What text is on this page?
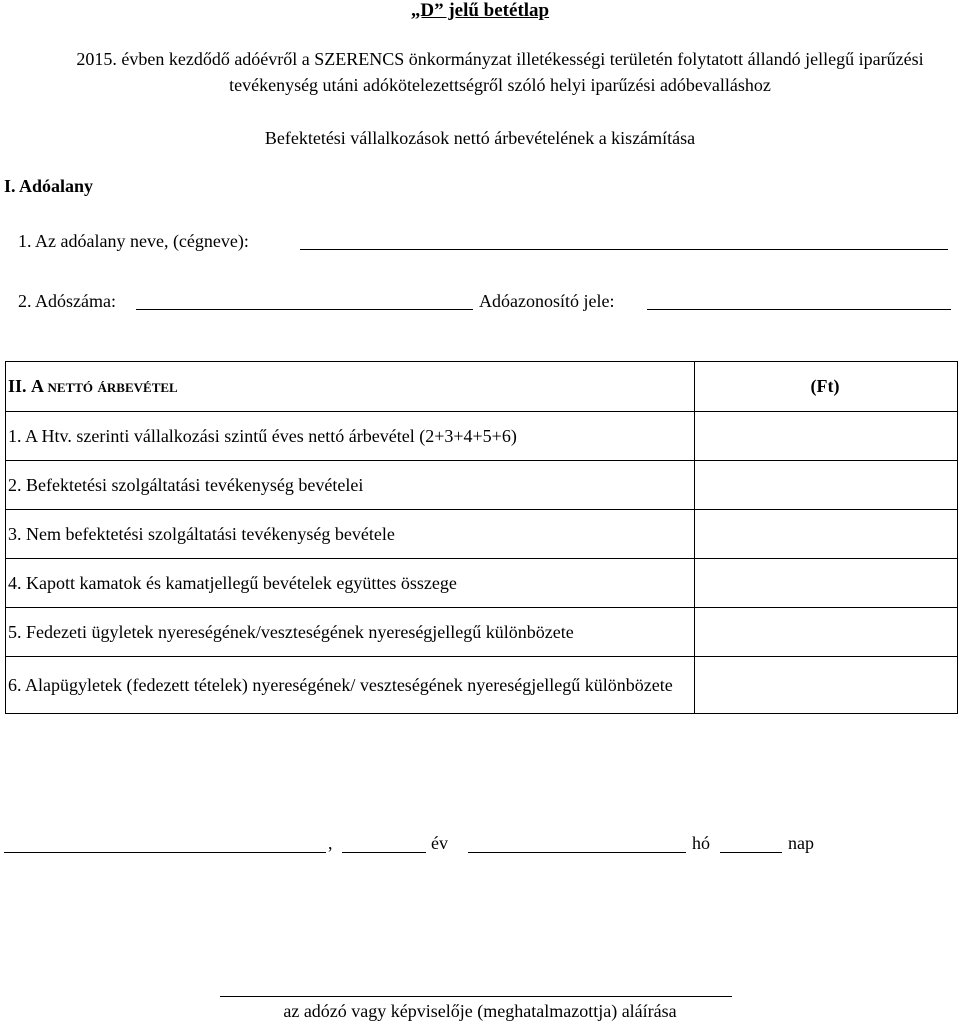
„D” jelű betétlap
2015. évben kezdődő adóévről a SZERENCS önkormányzat illetékességi területén folytatott állandó jellegű iparűzési tevékenység utáni adókötelezettségről szóló helyi iparűzési adóbevalláshoz
Befektetési vállalkozások nettó árbevételének a kiszámítása
I. Adóalany
1. Az adóalany neve, (cégneve):
2. Adószáma:	Adóazonosító jele:
II. A nettó árbevétel	(Ft)
1. A Htv. szerinti vállalkozási szintű éves nettó árbevétel (2+3+4+5+6)	
2. Befektetési szolgáltatási tevékenység bevételei	
3. Nem befektetési szolgáltatási tevékenység bevétele	
4. Kapott kamatok és kamatjellegű bevételek együttes összege	
5. Fedezeti ügyletek nyereségének/veszteségének nyereségjellegű különbözete	
6. Alapügyletek (fedezett tételek) nyereségének/ veszteségének nyereségjellegű különbözete	
,	év	hó	nap
az adózó vagy képviselője (meghatalmazottja) aláírása
